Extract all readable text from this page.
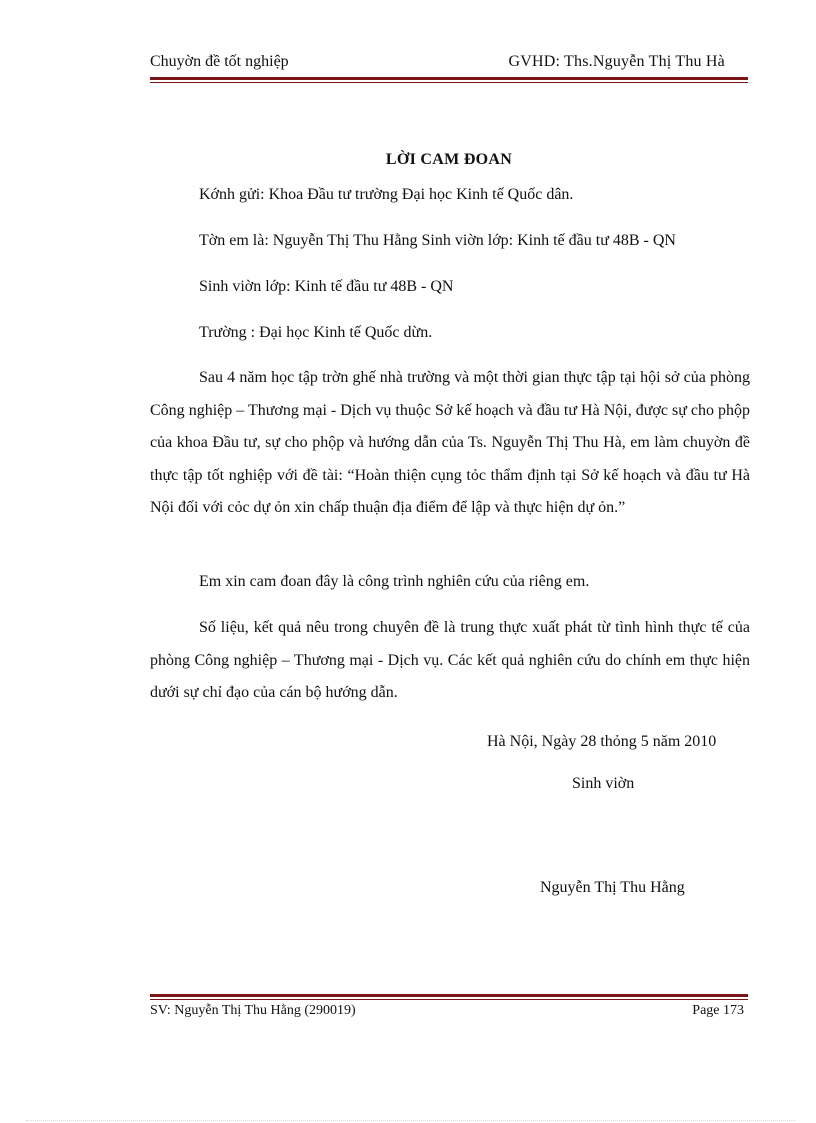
Chuyờn đề tốt nghiệp	GVHD: Ths.Nguyễn Thị Thu Hà
LỜI CAM ĐOAN
Kớnh gửi: Khoa Đầu tư trường Đại học Kinh tế Quốc dân.
Tờn em là: Nguyễn Thị Thu Hằng Sinh viờn lớp: Kinh tế đầu tư 48B - QN
Sinh viờn lớp: Kinh tế đầu tư 48B - QN
Trường : Đại học Kinh tế Quốc dừn.

Sau 4 năm học tập trờn ghế nhà trường và một thời gian thực tập tại hội sở của phòng Công nghiệp – Thương mại - Dịch vụ thuộc Sở kế hoạch và đầu tư Hà Nội, được sự cho phộp của khoa Đầu tư, sự cho phộp và hướng dẫn của Ts. Nguyễn Thị Thu Hà, em làm chuyờn đề thực tập tốt nghiệp với đề tài: “Hoàn thiện cụng tỏc thẩm định tại Sở kế hoạch và đầu tư Hà Nội đối với cỏc dự ỏn xin chấp thuận địa điểm để lập và thực hiện dự ỏn.”

Em xin cam đoan đây là công trình nghiên cứu của riêng em.

Số liệu, kết quả nêu trong chuyên đề là trung thực xuất phát từ tình hình thực tế của phòng Công nghiệp – Thương mại - Dịch vụ. Các kết quả nghiên cứu do chính em thực hiện dưới sự chỉ đạo của cán bộ hướng dẫn.

Hà Nội, Ngày 28 thỏng 5 năm 2010
Sinh viờn
Nguyễn Thị Thu Hằng
SV: Nguyễn Thị Thu Hằng (290019)	Page 173
